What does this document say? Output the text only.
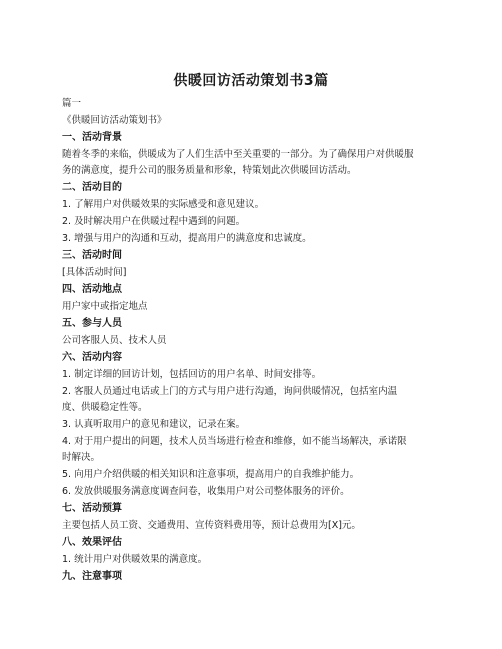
供暖回访活动策划书3篇
篇一
《供暖回访活动策划书》
一、活动背景
随着冬季的来临，供暖成为了人们生活中至关重要的一部分。为了确保用户对供暖服
务的满意度，提升公司的服务质量和形象，特策划此次供暖回访活动。
二、活动目的
1. 了解用户对供暖效果的实际感受和意见建议。
2. 及时解决用户在供暖过程中遇到的问题。
3. 增强与用户的沟通和互动，提高用户的满意度和忠诚度。
三、活动时间
[具体活动时间]
四、活动地点
用户家中或指定地点
五、参与人员
公司客服人员、技术人员
六、活动内容
1. 制定详细的回访计划，包括回访的用户名单、时间安排等。
2. 客服人员通过电话或上门的方式与用户进行沟通，询问供暖情况，包括室内温
度、供暖稳定性等。
3. 认真听取用户的意见和建议，记录在案。
4. 对于用户提出的问题，技术人员当场进行检查和维修，如不能当场解决，承诺限
时解决。
5. 向用户介绍供暖的相关知识和注意事项，提高用户的自我维护能力。
6. 发放供暖服务满意度调查问卷，收集用户对公司整体服务的评价。
七、活动预算
主要包括人员工资、交通费用、宣传资料费用等，预计总费用为[X]元。
八、效果评估
1. 统计用户对供暖效果的满意度。
九、注意事项
